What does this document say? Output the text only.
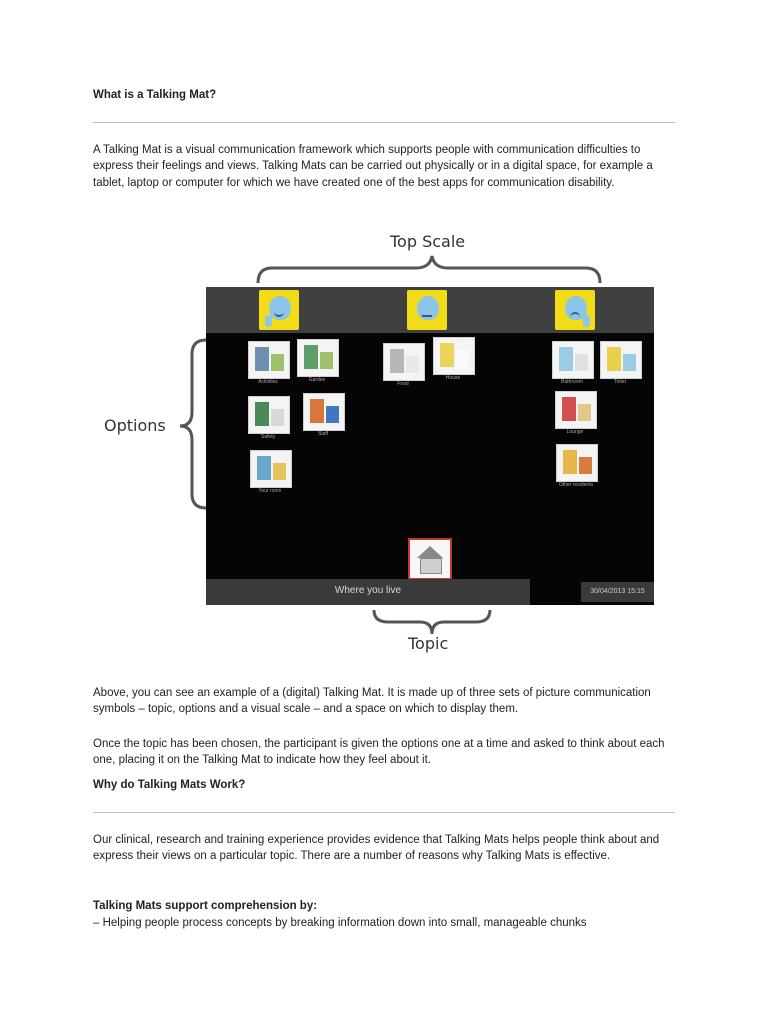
What is a Talking Mat?

A Talking Mat is a visual communication framework which supports people with communication difficulties to express their feelings and views. Talking Mats can be carried out physically or in a digital space, for example a tablet, laptop or computer for which we have created one of the best apps for communication disability.

Above, you can see an example of a (digital) Talking Mat. It is made up of three sets of picture communication symbols – topic, options and a visual scale – and a space on which to display them.

Once the topic has been chosen, the participant is given the options one at a time and asked to think about each one, placing it on the Talking Mat to indicate how they feel about it.

Why do Talking Mats Work?

Our clinical, research and training experience provides evidence that Talking Mats helps people think about and express their views on a particular topic. There are a number of reasons why Talking Mats is effective.

Talking Mats support comprehension by:
– Helping people process concepts by breaking information down into small, manageable chunks
Top Scale
Options
Topic
Activities	Garden
Safety	Staff
Your room
Food
House
Bathroom	Toilet
Lounge
Other residents
Where you live	30/04/2013 15:15
